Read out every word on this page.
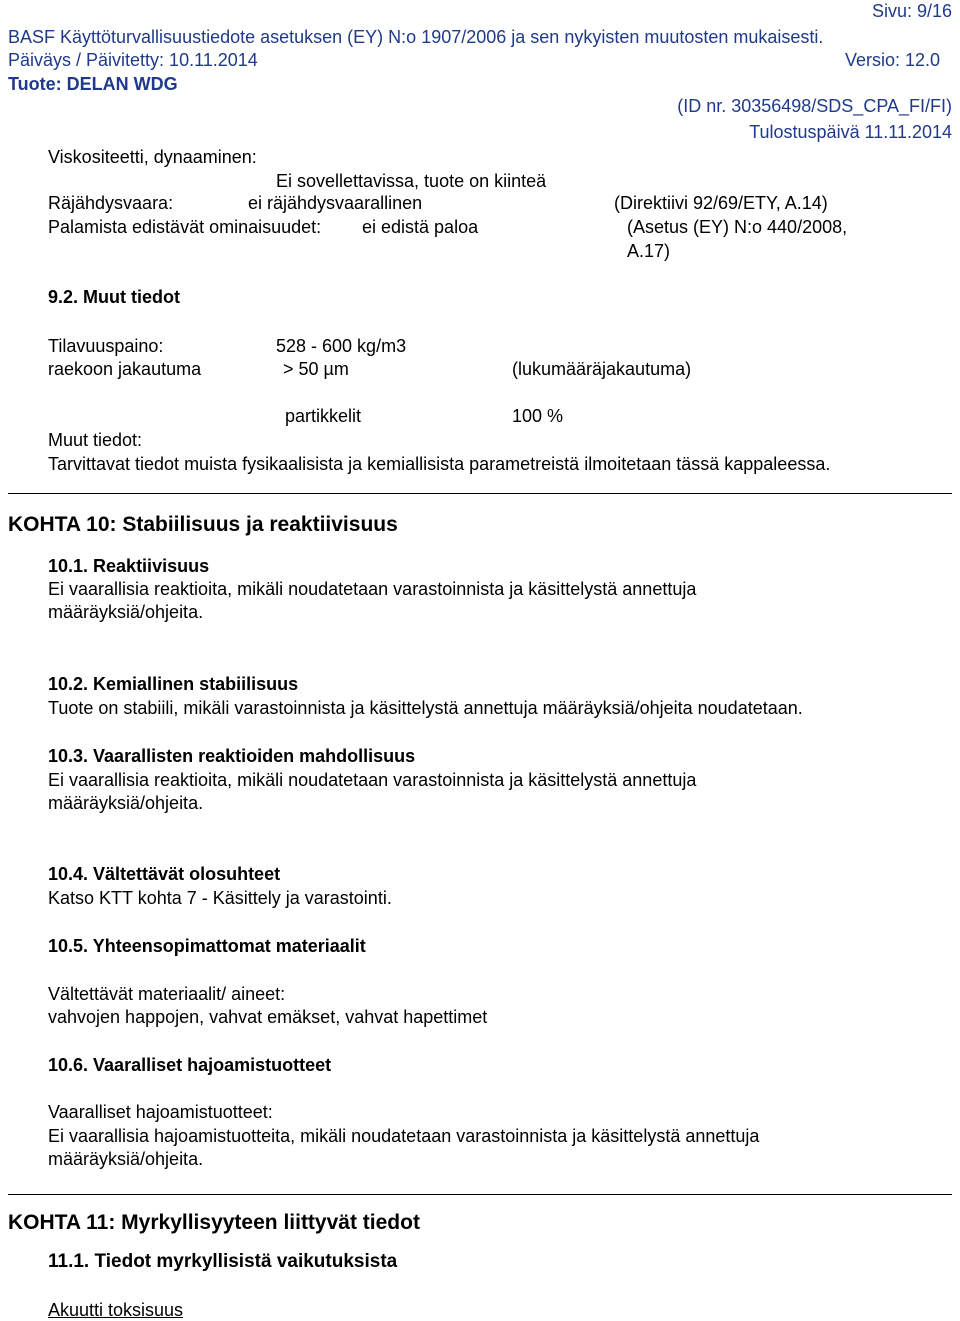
Sivu: 9/16
BASF Käyttöturvallisuustiedote asetuksen (EY) N:o 1907/2006 ja sen nykyisten muutosten mukaisesti.
Päiväys / Päivitetty: 10.11.2014	Versio: 12.0
Tuote: DELAN WDG
(ID nr. 30356498/SDS_CPA_FI/FI)
Tulostuspäivä 11.11.2014
Viskositeetti, dynaaminen:
Ei sovellettavissa, tuote on kiinteä
Räjähdysvaara:	ei räjähdysvaarallinen	(Direktiivi 92/69/ETY, A.14)
Palamista edistävät ominaisuudet: ei edistä paloa	(Asetus (EY) N:o 440/2008,
A.17)
9.2. Muut tiedot
Tilavuuspaino:	528 - 600 kg/m3
raekoon jakautuma	> 50 µm	(lukumääräjakautuma)
partikkelit	100 %
Muut tiedot:
Tarvittavat tiedot muista fysikaalisista ja kemiallisista parametreistä ilmoitetaan tässä kappaleessa.
KOHTA 10: Stabiilisuus ja reaktiivisuus
10.1. Reaktiivisuus
Ei vaarallisia reaktioita, mikäli noudatetaan varastoinnista ja käsittelystä annettuja
määräyksiä/ohjeita.
10.2. Kemiallinen stabiilisuus
Tuote on stabiili, mikäli varastoinnista ja käsittelystä annettuja määräyksiä/ohjeita noudatetaan.
10.3. Vaarallisten reaktioiden mahdollisuus
Ei vaarallisia reaktioita, mikäli noudatetaan varastoinnista ja käsittelystä annettuja
määräyksiä/ohjeita.
10.4. Vältettävät olosuhteet
Katso KTT kohta 7 - Käsittely ja varastointi.
10.5. Yhteensopimattomat materiaalit
Vältettävät materiaalit/ aineet:
vahvojen happojen, vahvat emäkset, vahvat hapettimet
10.6. Vaaralliset hajoamistuotteet
Vaaralliset hajoamistuotteet:
Ei vaarallisia hajoamistuotteita, mikäli noudatetaan varastoinnista ja käsittelystä annettuja
määräyksiä/ohjeita.
KOHTA 11: Myrkyllisyyteen liittyvät tiedot
11.1. Tiedot myrkyllisistä vaikutuksista
Akuutti toksisuus
